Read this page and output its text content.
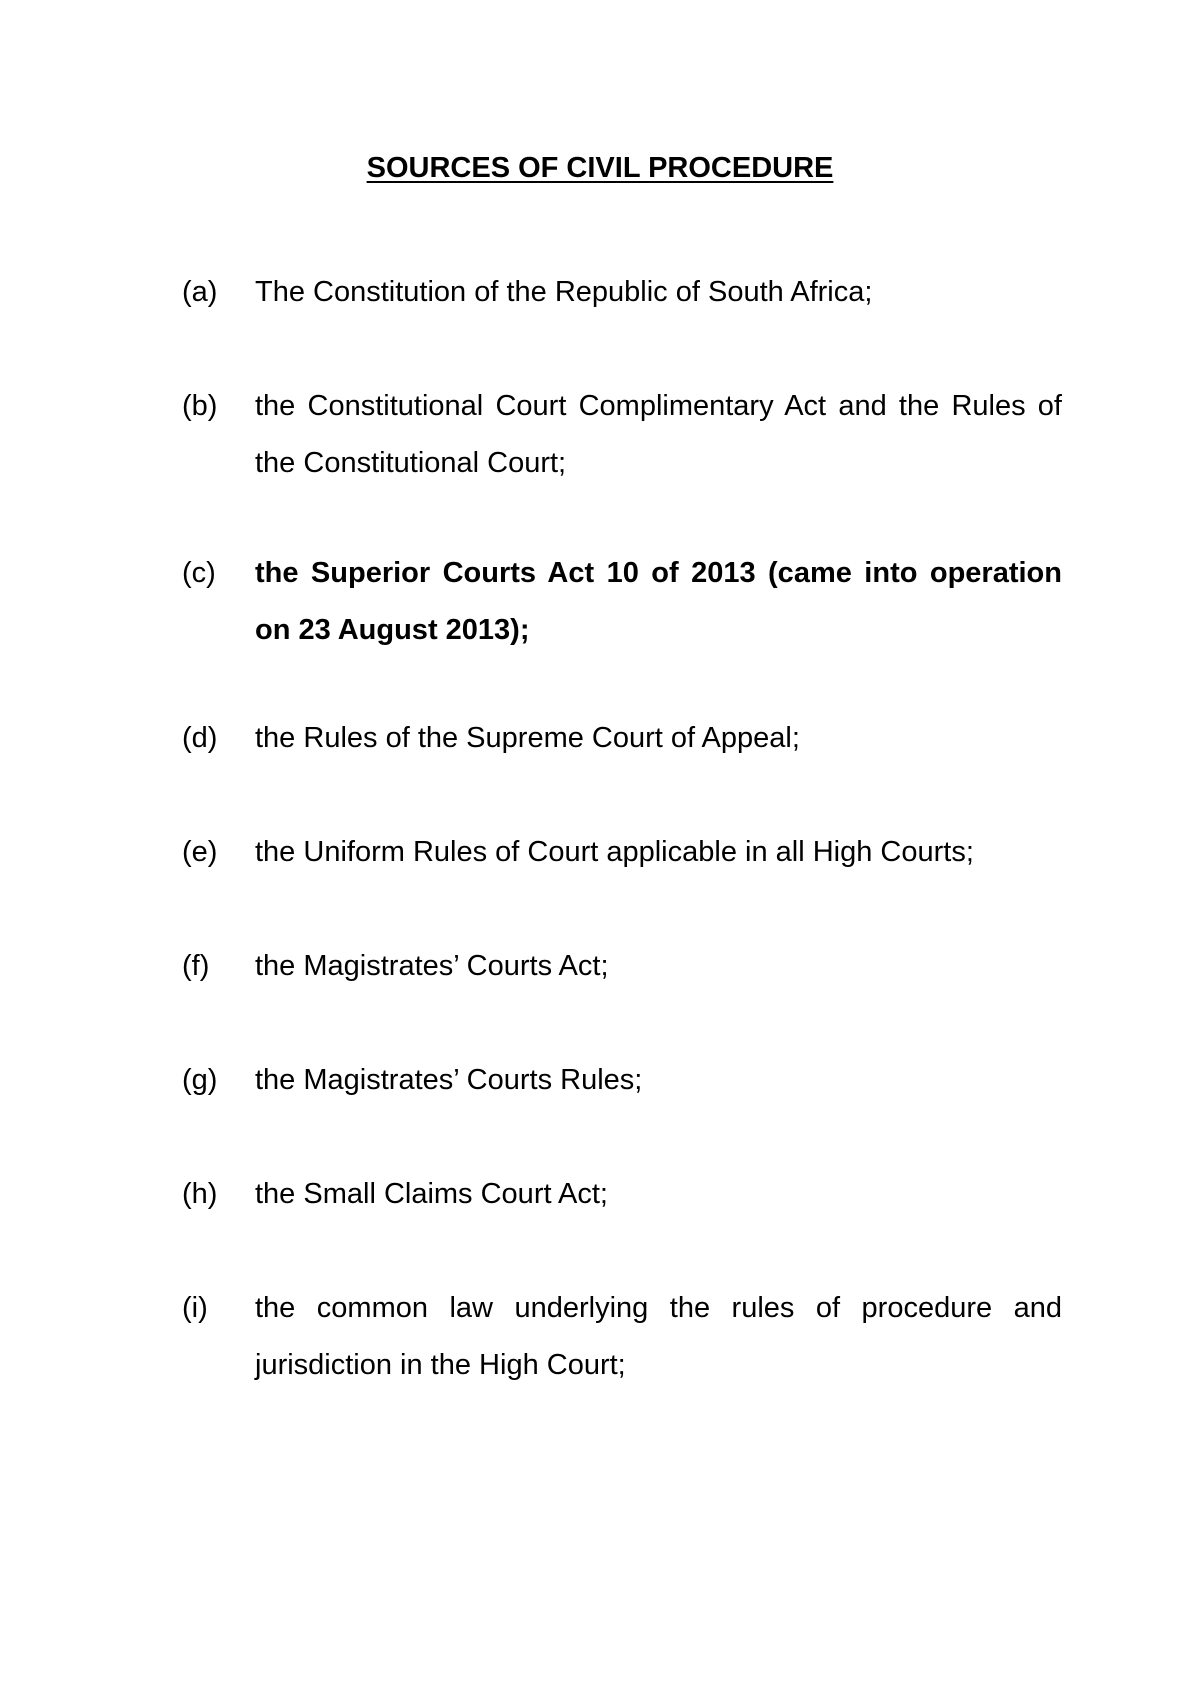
SOURCES OF CIVIL PROCEDURE
(a)	The Constitution of the Republic of South Africa;
(b)	the Constitutional Court Complimentary Act and the Rules of the Constitutional Court;
(c)	the Superior Courts Act 10 of 2013 (came into operation on 23 August 2013);
(d)	the Rules of the Supreme Court of Appeal;
(e)	the Uniform Rules of Court applicable in all High Courts;
(f)	the Magistrates’ Courts Act;
(g)	the Magistrates’ Courts Rules;
(h)	the Small Claims Court Act;
(i)	the common law underlying the rules of procedure and jurisdiction in the High Court;
